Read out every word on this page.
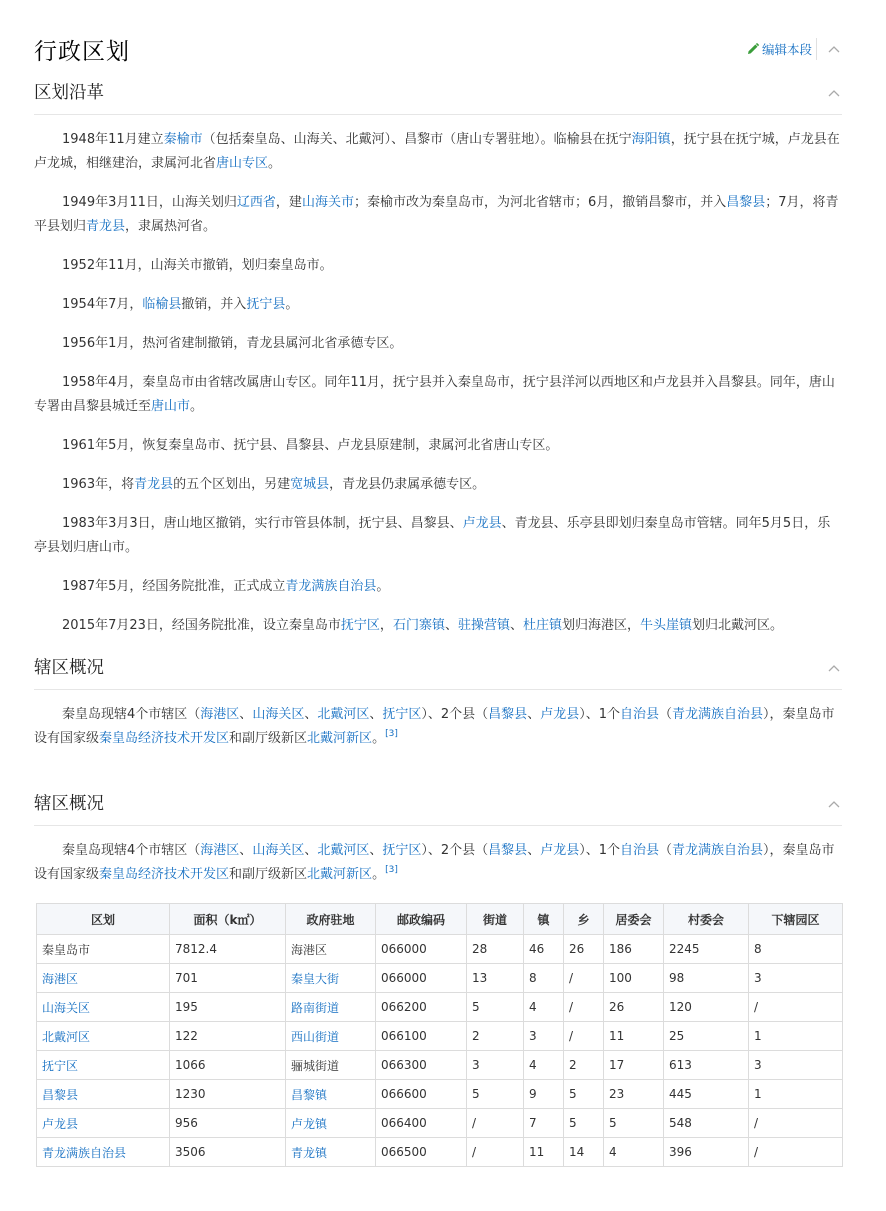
行政区划	编辑本段
区划沿革

1948年11月建立秦榆市（包括秦皇岛、山海关、北戴河）、昌黎市（唐山专署驻地）。临榆县在抚宁海阳镇，抚宁县在抚宁城，卢龙县在卢龙城，相继建治，隶属河北省唐山专区。

1949年3月11日，山海关划归辽西省，建山海关市；秦榆市改为秦皇岛市，为河北省辖市；6月，撤销昌黎市，并入昌黎县；7月，将青平县划归青龙县，隶属热河省。

1952年11月，山海关市撤销，划归秦皇岛市。

1954年7月，临榆县撤销，并入抚宁县。

1956年1月，热河省建制撤销，青龙县属河北省承德专区。

1958年4月，秦皇岛市由省辖改属唐山专区。同年11月，抚宁县并入秦皇岛市，抚宁县洋河以西地区和卢龙县并入昌黎县。同年，唐山专署由昌黎县城迁至唐山市。

1961年5月，恢复秦皇岛市、抚宁县、昌黎县、卢龙县原建制，隶属河北省唐山专区。

1963年，将青龙县的五个区划出，另建宽城县，青龙县仍隶属承德专区。

1983年3月3日，唐山地区撤销，实行市管县体制，抚宁县、昌黎县、卢龙县、青龙县、乐亭县即划归秦皇岛市管辖。同年5月5日，乐亭县划归唐山市。

1987年5月，经国务院批准，正式成立青龙满族自治县。

2015年7月23日，经国务院批准，设立秦皇岛市抚宁区，石门寨镇、驻操营镇、杜庄镇划归海港区，牛头崖镇划归北戴河区。

辖区概况

秦皇岛现辖4个市辖区（海港区、山海关区、北戴河区、抚宁区）、2个县（昌黎县、卢龙县）、1个自治县（青龙满族自治县），秦皇岛市设有国家级秦皇岛经济技术开发区和副厅级新区北戴河新区。[3]

辖区概况

秦皇岛现辖4个市辖区（海港区、山海关区、北戴河区、抚宁区）、2个县（昌黎县、卢龙县）、1个自治县（青龙满族自治县），秦皇岛市设有国家级秦皇岛经济技术开发区和副厅级新区北戴河新区。[3]

区划	面积（k㎡）	政府驻地	邮政编码	街道	镇	乡	居委会	村委会	下辖园区
秦皇岛市	7812.4	海港区	066000	28	46	26	186	2245	8
海港区	701	秦皇大街	066000	13	8	/	100	98	3
山海关区	195	路南街道	066200	5	4	/	26	120	/
北戴河区	122	西山街道	066100	2	3	/	11	25	1
抚宁区	1066	骊城街道	066300	3	4	2	17	613	3
昌黎县	1230	昌黎镇	066600	5	9	5	23	445	1
卢龙县	956	卢龙镇	066400	/	7	5	5	548	/
青龙满族自治县	3506	青龙镇	066500	/	11	14	4	396	/
